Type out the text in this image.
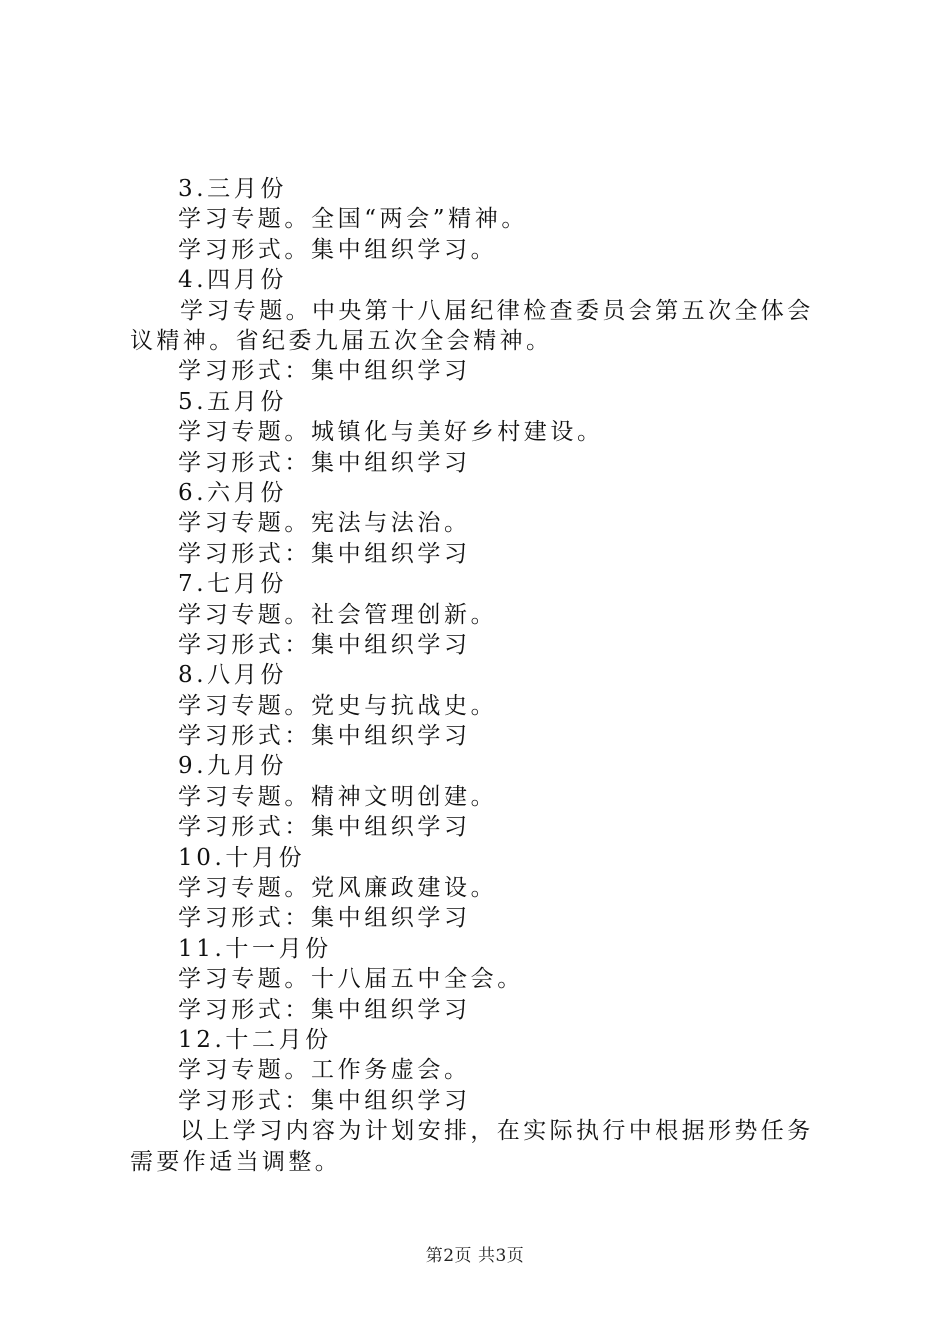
3.三月份
学习专题。全国“两会”精神。
学习形式。集中组织学习。
4.四月份
学习专题。中央第十八届纪律检查委员会第五次全体会议精神。省纪委九届五次全会精神。
学习形式：集中组织学习
5.五月份
学习专题。城镇化与美好乡村建设。
学习形式：集中组织学习
6.六月份
学习专题。宪法与法治。
学习形式：集中组织学习
7.七月份
学习专题。社会管理创新。
学习形式：集中组织学习
8.八月份
学习专题。党史与抗战史。
学习形式：集中组织学习
9.九月份
学习专题。精神文明创建。
学习形式：集中组织学习
10.十月份
学习专题。党风廉政建设。
学习形式：集中组织学习
11.十一月份
学习专题。十八届五中全会。
学习形式：集中组织学习
12.十二月份
学习专题。工作务虚会。
学习形式：集中组织学习
以上学习内容为计划安排，在实际执行中根据形势任务需要作适当调整。
第2页 共3页
